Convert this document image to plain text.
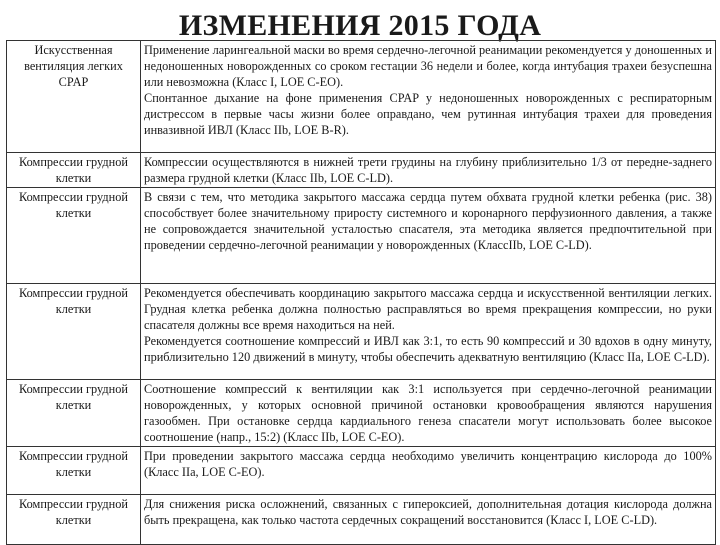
ИЗМЕНЕНИЯ 2015 ГОДА
Искусственная вентиляция легких CPAP	Применение ларингеальной маски во время сердечно-легочной реанимации рекомендуется у доношенных и недоношенных новорожденных со сроком гестации 36 недели и более, когда интубация трахеи безуспешна или невозможна (Класс I, LOE C-EO).

Спонтанное дыхание на фоне применения CPAP у недоношенных новорожденных с респираторным дистрессом в первые часы жизни более оправдано, чем рутинная интубация трахеи для проведения инвазивной ИВЛ (Класс IIb, LOE B-R).

Компрессии грудной клетки	Компрессии осуществляются в нижней трети грудины на глубину приблизительно 1/3 от передне-заднего размера грудной клетки (Класс IIb, LOE C-LD).

Компрессии грудной клетки	В связи с тем, что методика закрытого массажа сердца путем обхвата грудной клетки ребенка (рис. 38) способствует более значительному приросту системного и коронарного перфузионного давления, а также не сопровождается значительной усталостью спасателя, эта методика является предпочтительной при проведении сердечно-легочной реанимации у новорожденных (КлассIIb, LOE C-LD).

Компрессии грудной клетки	Рекомендуется обеспечивать координацию закрытого массажа сердца и искусственной вентиляции легких. Грудная клетка ребенка должна полностью расправляться во время прекращения компрессии, но руки спасателя должны все время находиться на ней.

Рекомендуется соотношение компрессий и ИВЛ как 3:1, то есть 90 компрессий и 30 вдохов в одну минуту, приблизительно 120 движений в минуту, чтобы обеспечить адекватную вентиляцию (Класс IIa, LOE C-LD).

Компрессии грудной клетки	Соотношение компрессий к вентиляции как 3:1 используется при сердечно-легочной реанимации новорожденных, у которых основной причиной остановки кровообращения являются нарушения газообмен. При остановке сердца кардиального генеза спасатели могут использовать более высокое соотношение (напр., 15:2) (Класс IIb, LOE C-EO).

Компрессии грудной клетки	При проведении закрытого массажа сердца необходимо увеличить концентрацию кислорода до 100% (Класс IIa, LOE C-EO).

Компрессии грудной клетки	Для снижения риска осложнений, связанных с гипероксией, дополнительная дотация кислорода должна быть прекращена, как только частота сердечных сокращений восстановится (Класс I, LOE C-LD).
